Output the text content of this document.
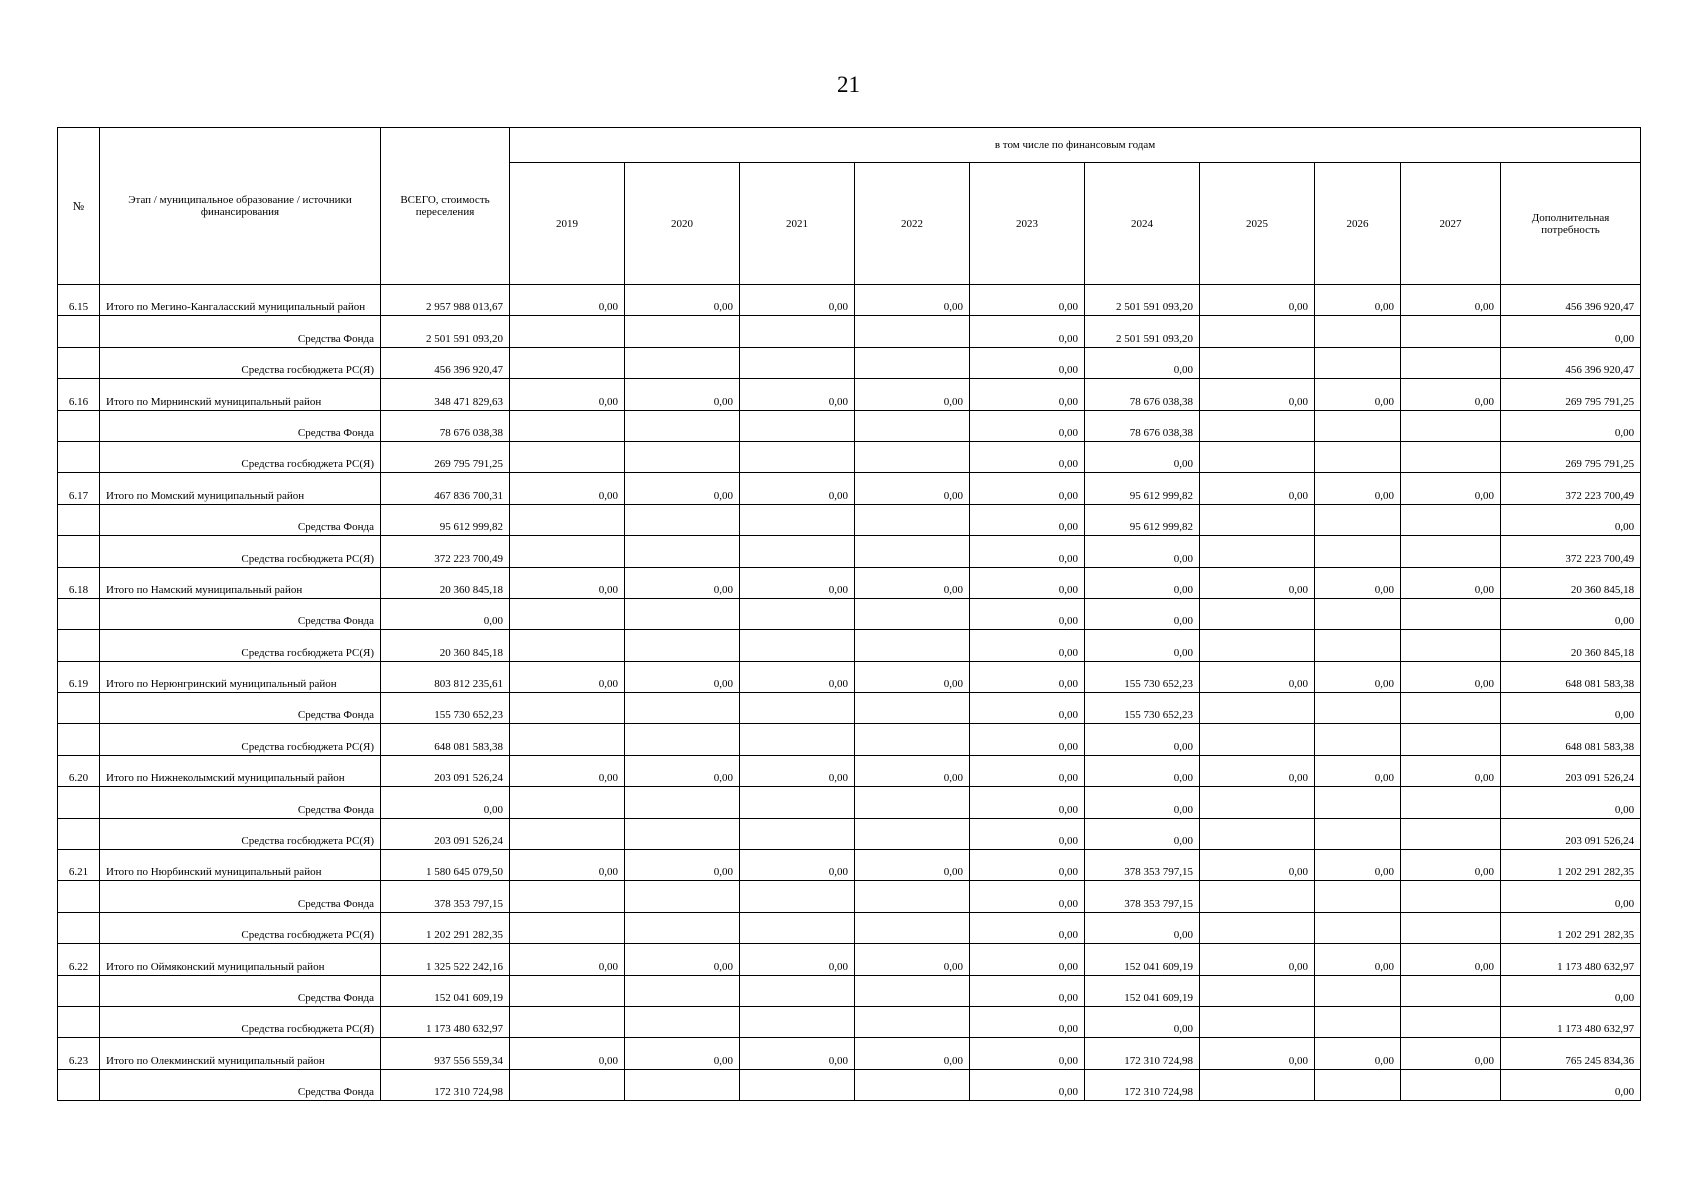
21
№	Этап / муниципальное образование / источники финансирования	ВСЕГО, стоимость переселения	в том числе по финансовым годам									
			2019	2020	2021	2022	2023	2024	2025	2026	2027	Дополнительная потребность
6.15	Итого по Мегино-Кангаласский муниципальный район	2 957 988 013,67	0,00	0,00	0,00	0,00	0,00	2 501 591 093,20	0,00	0,00	0,00	456 396 920,47
	Средства Фонда	2 501 591 093,20					0,00	2 501 591 093,20				0,00
	Средства госбюджета РС(Я)	456 396 920,47					0,00	0,00				456 396 920,47
6.16	Итого по Мирнинский муниципальный район	348 471 829,63	0,00	0,00	0,00	0,00	0,00	78 676 038,38	0,00	0,00	0,00	269 795 791,25
	Средства Фонда	78 676 038,38					0,00	78 676 038,38				0,00
	Средства госбюджета РС(Я)	269 795 791,25					0,00	0,00				269 795 791,25
6.17	Итого по Момский муниципальный район	467 836 700,31	0,00	0,00	0,00	0,00	0,00	95 612 999,82	0,00	0,00	0,00	372 223 700,49
	Средства Фонда	95 612 999,82					0,00	95 612 999,82				0,00
	Средства госбюджета РС(Я)	372 223 700,49					0,00	0,00				372 223 700,49
6.18	Итого по Намский муниципальный район	20 360 845,18	0,00	0,00	0,00	0,00	0,00	0,00	0,00	0,00	0,00	20 360 845,18
	Средства Фонда	0,00					0,00	0,00				0,00
	Средства госбюджета РС(Я)	20 360 845,18					0,00	0,00				20 360 845,18
6.19	Итого по Нерюнгринский муниципальный район	803 812 235,61	0,00	0,00	0,00	0,00	0,00	155 730 652,23	0,00	0,00	0,00	648 081 583,38
	Средства Фонда	155 730 652,23					0,00	155 730 652,23				0,00
	Средства госбюджета РС(Я)	648 081 583,38					0,00	0,00				648 081 583,38
6.20	Итого по Нижнеколымский муниципальный район	203 091 526,24	0,00	0,00	0,00	0,00	0,00	0,00	0,00	0,00	0,00	203 091 526,24
	Средства Фонда	0,00					0,00	0,00				0,00
	Средства госбюджета РС(Я)	203 091 526,24					0,00	0,00				203 091 526,24
6.21	Итого по Нюрбинский муниципальный район	1 580 645 079,50	0,00	0,00	0,00	0,00	0,00	378 353 797,15	0,00	0,00	0,00	1 202 291 282,35
	Средства Фонда	378 353 797,15					0,00	378 353 797,15				0,00
	Средства госбюджета РС(Я)	1 202 291 282,35					0,00	0,00				1 202 291 282,35
6.22	Итого по Оймяконский муниципальный район	1 325 522 242,16	0,00	0,00	0,00	0,00	0,00	152 041 609,19	0,00	0,00	0,00	1 173 480 632,97
	Средства Фонда	152 041 609,19					0,00	152 041 609,19				0,00
	Средства госбюджета РС(Я)	1 173 480 632,97					0,00	0,00				1 173 480 632,97
6.23	Итого по Олекминский муниципальный район	937 556 559,34	0,00	0,00	0,00	0,00	0,00	172 310 724,98	0,00	0,00	0,00	765 245 834,36
	Средства Фонда	172 310 724,98					0,00	172 310 724,98				0,00
